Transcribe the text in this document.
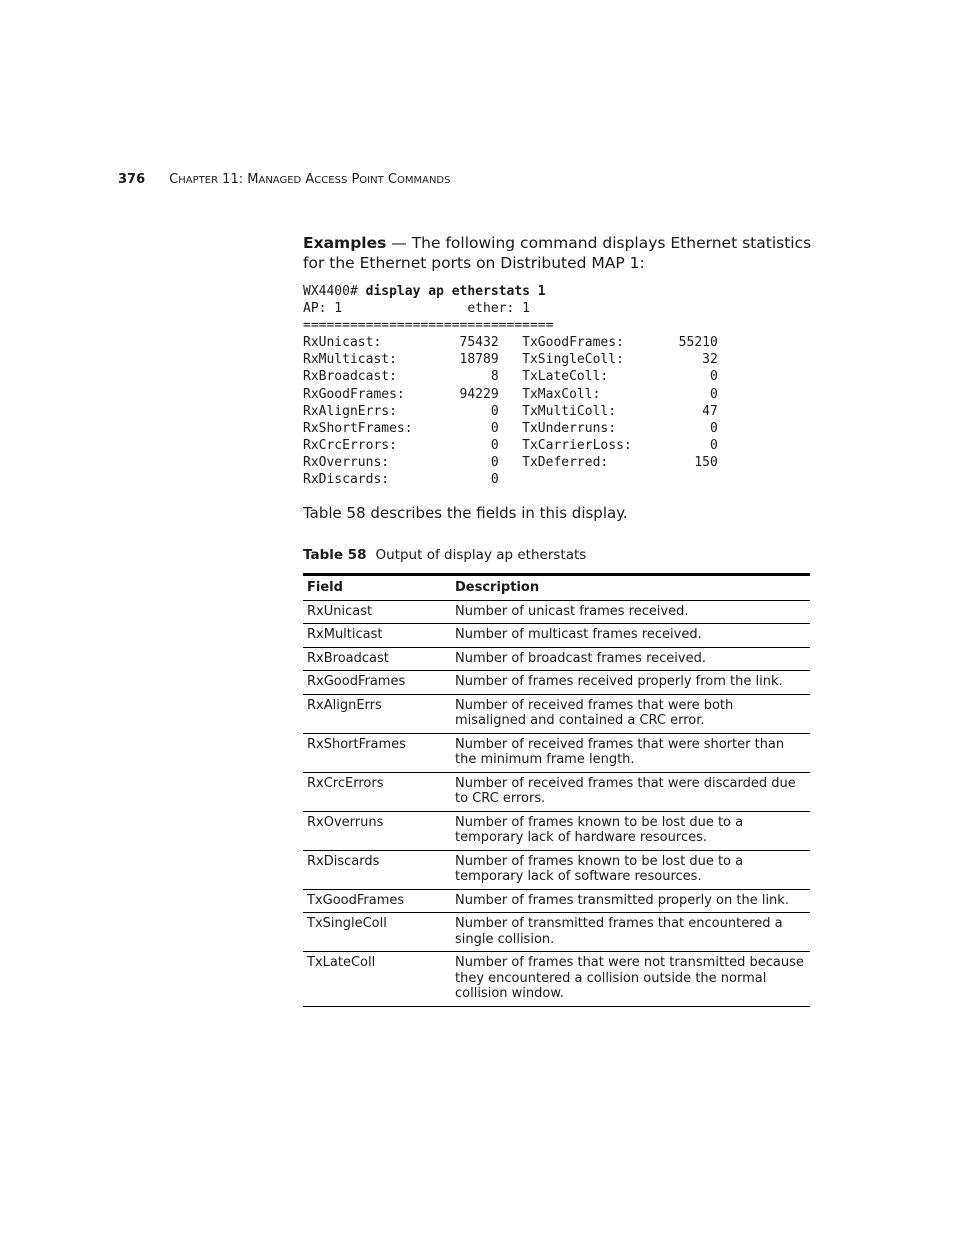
376 CHAPTER 11: MANAGED ACCESS POINT COMMANDS
Examples — The following command displays Ethernet statistics for the Ethernet ports on Distributed MAP 1:
WX4400# display ap etherstats 1
AP: 1                ether: 1
================================
RxUnicast:          75432   TxGoodFrames:       55210
RxMulticast:        18789   TxSingleColl:          32
RxBroadcast:            8   TxLateColl:             0
RxGoodFrames:       94229   TxMaxColl:              0
RxAlignErrs:            0   TxMultiColl:           47
RxShortFrames:          0   TxUnderruns:            0
RxCrcErrors:            0   TxCarrierLoss:          0
RxOverruns:             0   TxDeferred:           150
RxDiscards:             0
Table 58 describes the fields in this display.
Table 58 Output of display ap etherstats
Field	Description
RxUnicast	Number of unicast frames received.
RxMulticast	Number of multicast frames received.
RxBroadcast	Number of broadcast frames received.
RxGoodFrames	Number of frames received properly from the link.
RxAlignErrs	Number of received frames that were both misaligned and contained a CRC error.
RxShortFrames	Number of received frames that were shorter than the minimum frame length.
RxCrcErrors	Number of received frames that were discarded due to CRC errors.
RxOverruns	Number of frames known to be lost due to a temporary lack of hardware resources.
RxDiscards	Number of frames known to be lost due to a temporary lack of software resources.
TxGoodFrames	Number of frames transmitted properly on the link.
TxSingleColl	Number of transmitted frames that encountered a single collision.
TxLateColl	Number of frames that were not transmitted because they encountered a collision outside the normal collision window.
